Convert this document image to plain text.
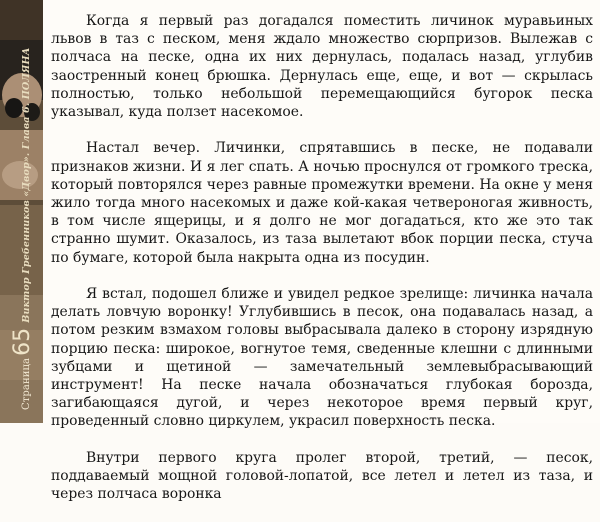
Страница
65
Виктор Гребенников «Двор». Глава 6. ПОЛЯНА

Когда я первый раз догадался поместить личинок муравьиных львов в таз с песком, меня ждало множество сюрпризов. Вылежав с полчаса на песке, одна их них дернулась, подалась назад, углубив заостренный конец брюшка. Дернулась еще, еще, и вот — скрылась полностью, только небольшой перемещающийся бугорок песка указывал, куда ползет насекомое.

Настал вечер. Личинки, спрятавшись в песке, не подавали признаков жизни. И я лег спать. А ночью проснулся от громкого треска, который повторялся через равные промежутки времени. На окне у меня жило тогда много насекомых и даже кой-какая четвероногая живность, в том числе ящерицы, и я долго не мог догадаться, кто же это так странно шумит. Оказалось, из таза вылетают вбок порции песка, стуча по бумаге, которой была накрыта одна из посудин.

Я встал, подошел ближе и увидел редкое зрелище: личинка начала делать ловчую воронку! Углубившись в песок, она подавалась назад, а потом резким взмахом головы выбрасывала далеко в сторону изрядную порцию песка: широкое, вогнутое темя, сведенные клешни с длинными зубцами и щетиной — замечательный землевыбрасывающий инструмент! На песке начала обозначаться глубокая борозда, загибающаяся дугой, и через некоторое время первый круг, проведенный словно циркулем, украсил поверхность песка.

Внутри первого круга пролег второй, третий, — песок, поддаваемый мощной головой-лопатой, все летел и летел из таза, и через полчаса воронка
